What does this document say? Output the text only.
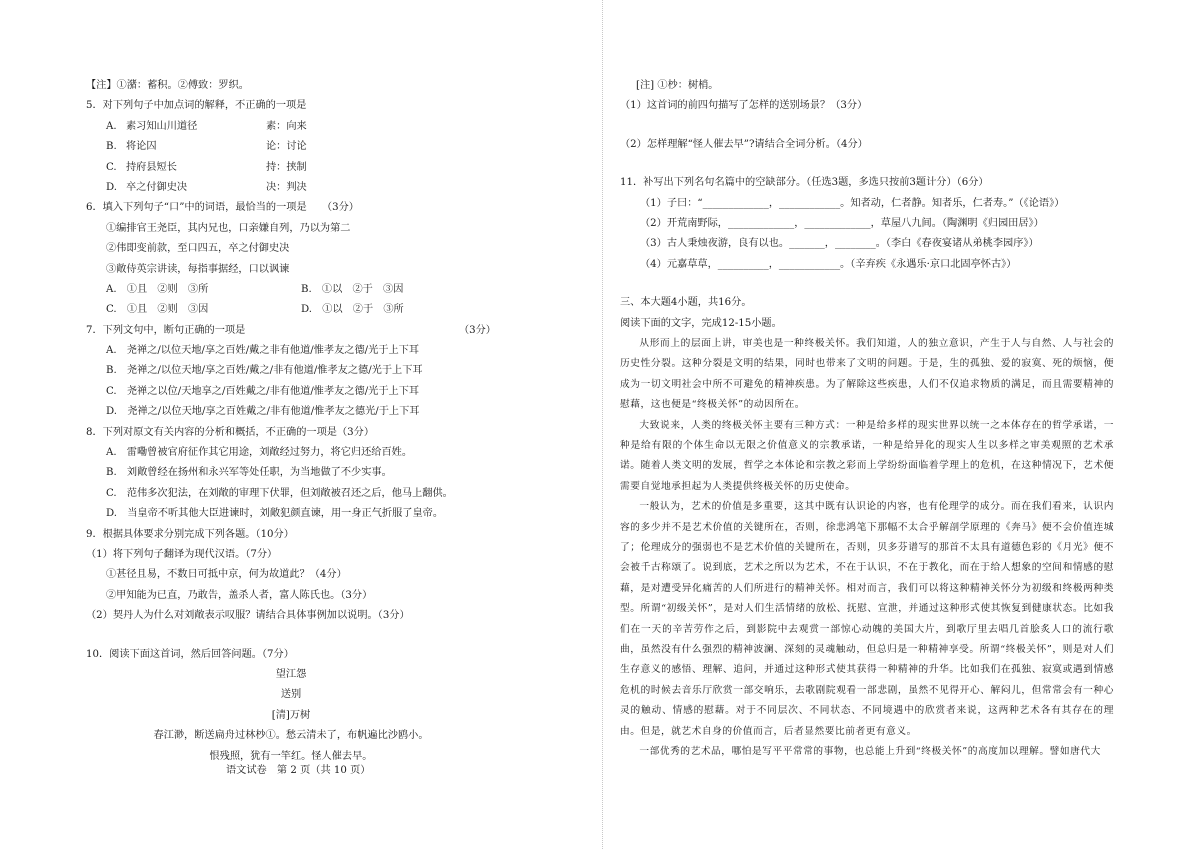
【注】①潴：蓄积。②傅致：罗织。
5．对下列句子中加点词的解释，不正确的一项是
A. 素习知山川道径	素：向来
B. 将论囚	论：讨论
C. 持府县短长	持：挟制
D. 卒之付御史决	决：判决
6．填入下列句子“口”中的词语，最恰当的一项是　　 （3分）
①编排官王尧臣，其内兄也，口亲嫌自列，乃以为第二
②伟即变前款，至口四五，卒之付御史决
③敞侍英宗讲读，每指事据经，口以讽谏
A.　 ①且　②则　③所	B.　 ①以　②于　③因
C.　 ①且　②则　③因	D.　 ①以　②于　③所
7．下列文句中，断句正确的一项是	（3分）
A.　 尧禅之/以位天地/享之百姓/戴之非有他道/惟孝友之德/光于上下耳
B.　 尧禅之/以位天地/享之百姓/戴之/非有他道/惟孝友之德/光于上下耳
C.　 尧禅之以位/天地享之/百姓戴之/非有他道/惟孝友之德/光于上下耳
D.　 尧禅之/以位天地/享之百姓戴之/非有他道/惟孝友之德光/于上下耳
8．下列对原文有关内容的分析和概括，不正确的一项是（3分）
A.　 雷嘞曾被官府征作其它用途，刘敞经过努力，将它归还给百姓。
B.　 刘敞曾经在扬州和永兴军等处任职，为当地做了不少实事。
C.　 范伟多次犯法，在刘敞的审理下伏罪，但刘敞被召还之后，他马上翻供。
D.　 当皇帝不听其他大臣进谏时，刘敞犯颜直谏，用一身正气折服了皇帝。
9．根据具体要求分别完成下列各题。（10分）
（1）将下列句子翻译为现代汉语。（7分）
①甚径且易，不数日可抵中京，何为故道此？（4分）
②甲知能为已直，乃敢告，盖杀人者，富人陈氏也。（3分）
（2）契丹人为什么对刘敞表示叹服？请结合具体事例加以说明。（3分）
10．阅读下面这首词，然后回答问题。（7分）
望江怨
送别
[清]万树
春江渺，断送扁舟过林杪①。愁云清未了，布帆遍比沙鸥小。
恨残照，犹有一竿红。怪人催去早。
语文试卷　第 2 页（共 10 页）
[注] ①杪：树梢。
（1）这首词的前四句描写了怎样的送别场景？（3分）
（2）怎样理解“怪人催去早”?请结合全词分析。（4分）
11．补写出下列名句名篇中的空缺部分。（任选3题，多选只按前3题计分）（6分）
（1）子曰：“_____________，____________。知者动，仁者静。知者乐，仁者寿。”（《论语》）
（2）开荒南野际，_____________，_____________，草屋八九间。（陶渊明《归园田居》）
（3）古人秉烛夜游，良有以也。_______，________。（李白《春夜宴诸从弟桃李园序》）
（4）元嘉草草，__________，____________。（辛弃疾《永遇乐·京口北固亭怀古》）
三、本大题4小题，共16分。
阅读下面的文字，完成12-15小题。
从形而上的层面上讲，审美也是一种终极关怀。我们知道，人的独立意识，产生于人与自然、人与社会的历史性分裂。这种分裂是文明的结果，同时也带来了文明的问题。于是，生的孤独、爱的寂寞、死的烦恼，便成为一切文明社会中所不可避免的精神疾患。为了解除这些疾患，人们不仅追求物质的满足，而且需要精神的慰藉，这也便是“终极关怀”的动因所在。
大致说来，人类的终极关怀主要有三种方式：一种是给多样的现实世界以统一之本体存在的哲学承诺，一种是给有限的个体生命以无限之价值意义的宗教承诺，一种是给异化的现实人生以多样之审美观照的艺术承诺。随着人类文明的发展，哲学之本体论和宗教之彩而上学纷纷面临着学理上的危机，在这种情况下，艺术便需要自觉地承担起为人类提供终极关怀的历史使命。
一般认为，艺术的价值是多重要，这其中既有认识论的内容，也有伦理学的成分。而在我们看来，认识内容的多少并不是艺术价值的关键所在，否则，徐悲鸿笔下那幅不太合乎解剖学原理的《奔马》便不会价值连城了；伦理成分的强弱也不是艺术价值的关键所在，否则，贝多芬谱写的那首不太具有道德色彩的《月光》便不会被千古称颂了。说到底，艺术之所以为艺术，不在于认识，不在于教化，而在于给人想象的空间和情感的慰藉，是对遭受异化痛苦的人们所进行的精神关怀。相对而言，我们可以将这种精神关怀分为初级和终极两种类型。所谓“初级关怀”，是对人们生活情绪的放松、抚慰、宣泄，并通过这种形式使其恢复到健康状态。比如我们在一天的辛苦劳作之后，到影院中去观赏一部惊心动魄的美国大片，到歌厅里去唱几首脍炙人口的流行歌曲，虽然没有什么强烈的精神波澜、深刻的灵魂触动，但总归是一种精神享受。所谓“终极关怀”，则是对人们生存意义的感悟、理解、追问，并通过这种形式使其获得一种精神的升华。比如我们在孤独、寂寞或遇到情感危机的时候去音乐厅欣赏一部交响乐，去歌剧院观看一部悲剧，虽然不见得开心、解闷儿，但常常会有一种心灵的触动、情感的慰藉。对于不同层次、不同状态、不同境遇中的欣赏者来说，这两种艺术各有其存在的理由。但是，就艺术自身的价值而言，后者显然要比前者更有意义。
一部优秀的艺术品，哪怕是写平平常常的事物，也总能上升到“终极关怀”的高度加以理解。譬如唐代大
